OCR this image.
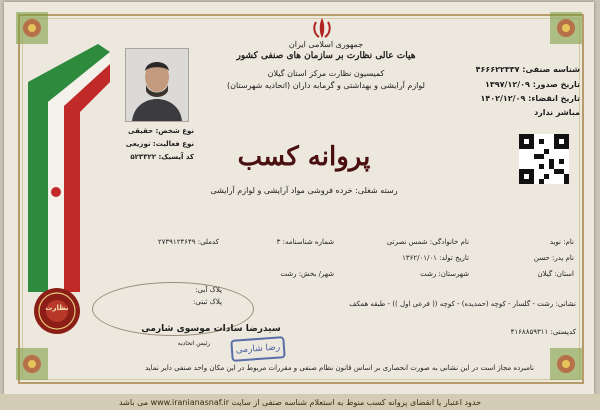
جمهوری اسلامی ایران
هیات عالی نظارت بر سازمان های صنفی کشور
کمیسیون نظارت مرکز استان گیلان
لوازم آرایشی و بهداشتی و گرمابه داران (اتحادیه شهرستان)
نوع شخص: حقیقی
نوع فعالیت: توزیعی
کد آیسیک: ۵۲۳۳۲۲
شناسه صنفی: ۴۶۶۶۲۲۳۳۷
تاریخ صدور: ۱۳۹۷/۱۲/۰۹
تاریخ انقضاء: ۱۴۰۲/۱۲/۰۹
مباشر ندارد
پروانه کسب
رسته شغلی: خرده فروشی مواد آرایشی و لوازم آرایشی
نام: نوید
نام خانوادگی: شمس نصرتی
شماره شناسنامه: ۳
کدملی: ۲۷۳۹۱۲۴۶۴۹
نام پدر: حسن
تاریخ تولد: ۱۳۶۲/۰۱/۰۱
استان: گیلان
شهرستان: رشت
شهر/ بخش: رشت
پلاک آبی:
پلاک ثبتی:	نشانی: رشت - گلسار - کوچه (حمدیده) - کوچه (( فرعی اول )) - طبقه همکف
کدپستی: ۴۱۶۸۸۵۹۳۱۱
نظارت
سیدرضا سادات موسوی شارمی
رئیس اتحادیه	رضا شارمی
نامبرده مجاز است در این نشانی به صورت انحصاری بر اساس قانون نظام صنفی و مقررات مربوط در این مکان واحد صنفی دایر نماید
حدود اعتبار یا انقضای پروانه کسب منوط به استعلام شناسه صنفی از سایت www.iranianasnaf.ir می باشد
